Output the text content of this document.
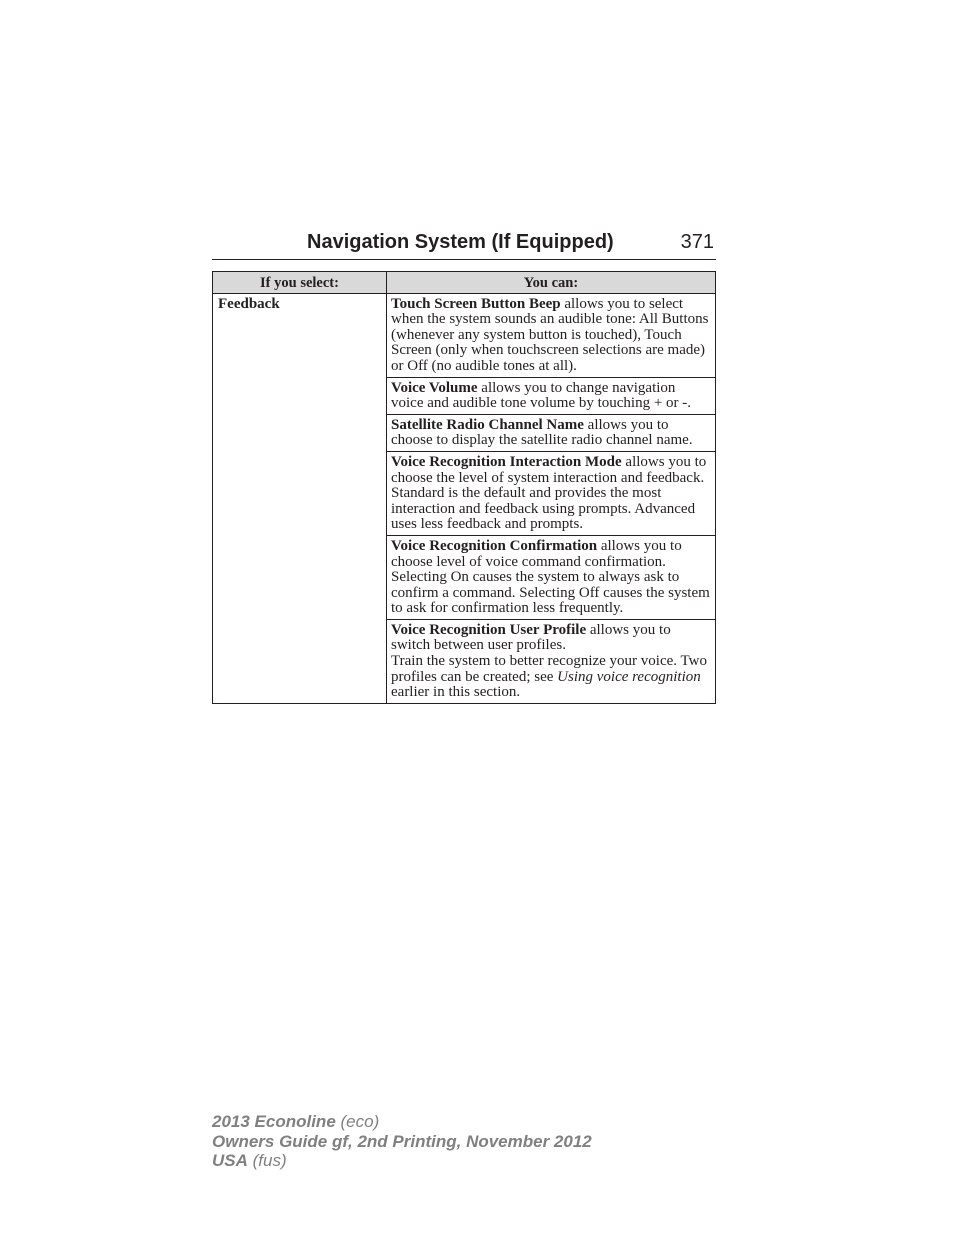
Navigation System (If Equipped)	371
If you select:	You can:
Feedback	Touch Screen Button Beep allows you to select when the system sounds an audible tone: All Buttons (whenever any system button is touched), Touch Screen (only when touchscreen selections are made) or Off (no audible tones at all).
	Voice Volume allows you to change navigation voice and audible tone volume by touching + or -.
	Satellite Radio Channel Name allows you to choose to display the satellite radio channel name.
	Voice Recognition Interaction Mode allows you to choose the level of system interaction and feedback. Standard is the default and provides the most interaction and feedback using prompts. Advanced uses less feedback and prompts.
	Voice Recognition Confirmation allows you to choose level of voice command confirmation. Selecting On causes the system to always ask to confirm a command. Selecting Off causes the system to ask for confirmation less frequently.
	Voice Recognition User Profile allows you to switch between user profiles.
Train the system to better recognize your voice. Two profiles can be created; see Using voice recognition earlier in this section.
2013 Econoline (eco)
Owners Guide gf, 2nd Printing, November 2012
USA (fus)
